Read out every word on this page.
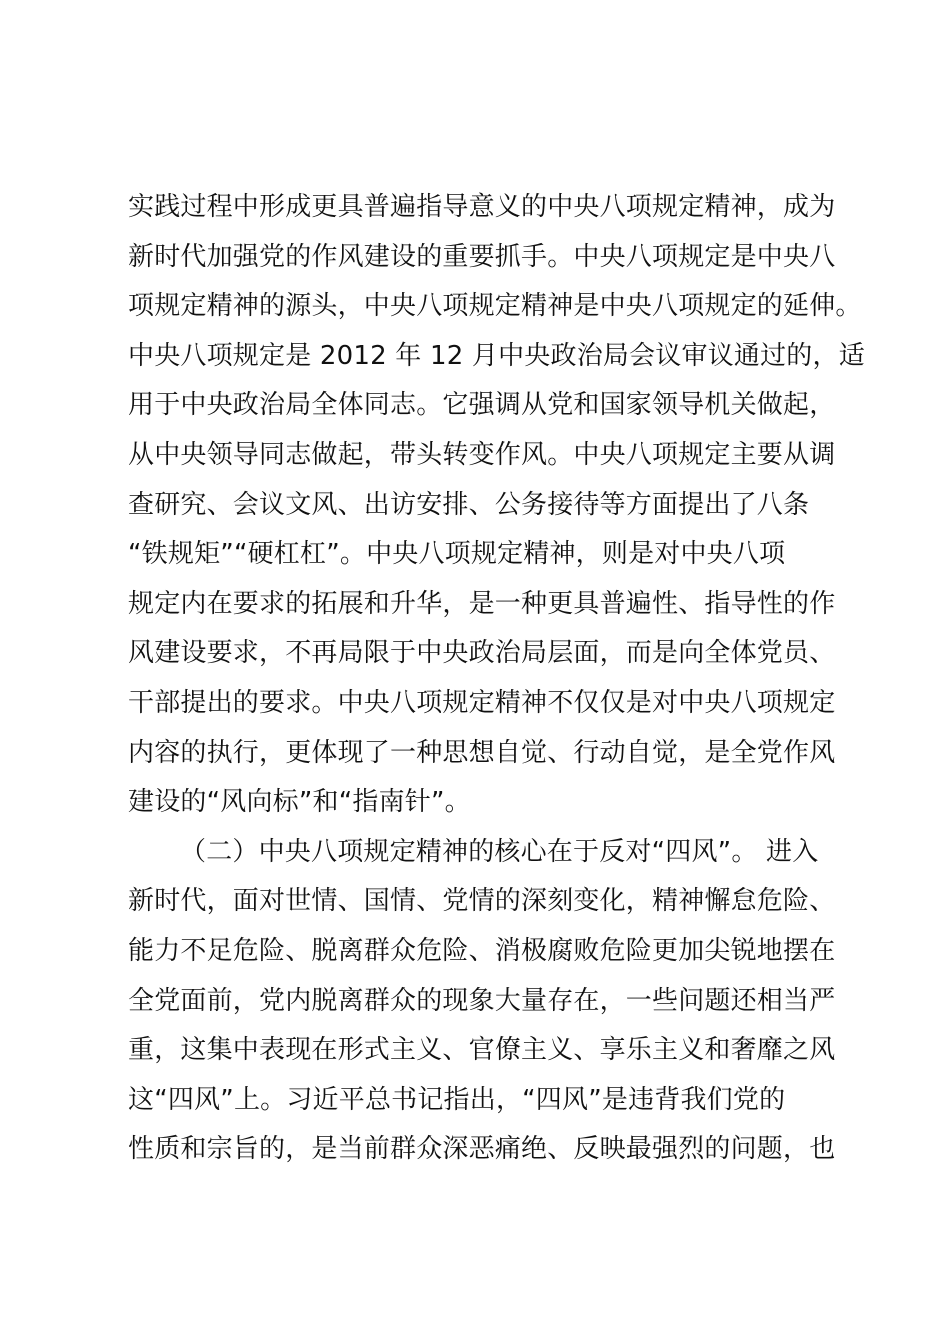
实践过程中形成更具普遍指导意义的中央八项规定精神，成为
新时代加强党的作风建设的重要抓手。中央八项规定是中央八
项规定精神的源头，中央八项规定精神是中央八项规定的延伸。
中央八项规定是 2012 年 12 月中央政治局会议审议通过的，适
用于中央政治局全体同志。它强调从党和国家领导机关做起，
从中央领导同志做起，带头转变作风。中央八项规定主要从调
查研究、会议文风、出访安排、公务接待等方面提出了八条
“铁规矩”“硬杠杠”。中央八项规定精神，则是对中央八项
规定内在要求的拓展和升华，是一种更具普遍性、指导性的作
风建设要求，不再局限于中央政治局层面，而是向全体党员、
干部提出的要求。中央八项规定精神不仅仅是对中央八项规定
内容的执行，更体现了一种思想自觉、行动自觉，是全党作风
建设的“风向标”和“指南针”。
（二）中央八项规定精神的核心在于反对“四风”。 进入
新时代，面对世情、国情、党情的深刻变化，精神懈怠危险、
能力不足危险、脱离群众危险、消极腐败危险更加尖锐地摆在
全党面前，党内脱离群众的现象大量存在，一些问题还相当严
重，这集中表现在形式主义、官僚主义、享乐主义和奢靡之风
这“四风”上。习近平总书记指出，“四风”是违背我们党的
性质和宗旨的，是当前群众深恶痛绝、反映最强烈的问题，也
